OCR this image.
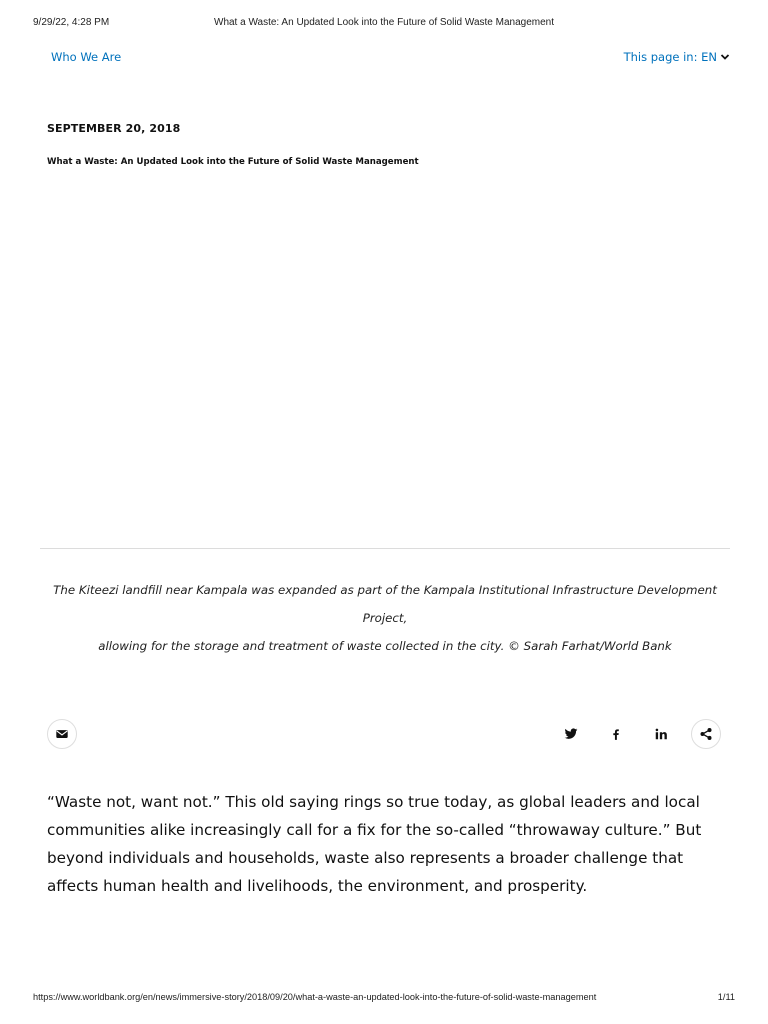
9/29/22, 4:28 PM	What a Waste: An Updated Look into the Future of Solid Waste Management
Who We Are	This page in: EN
SEPTEMBER 20, 2018
What a Waste: An Updated Look into the Future of Solid Waste Management
The Kiteezi landfill near Kampala was expanded as part of the Kampala Institutional Infrastructure Development Project,
allowing for the storage and treatment of waste collected in the city. © Sarah Farhat/World Bank

“Waste not, want not.” This old saying rings so true today, as global leaders and local communities alike increasingly call for a fix for the so-called “throwaway culture.” But beyond individuals and households, waste also represents a broader challenge that affects human health and livelihoods, the environment, and prosperity.

https://www.worldbank.org/en/news/immersive-story/2018/09/20/what-a-waste-an-updated-look-into-the-future-of-solid-waste-management	1/11
